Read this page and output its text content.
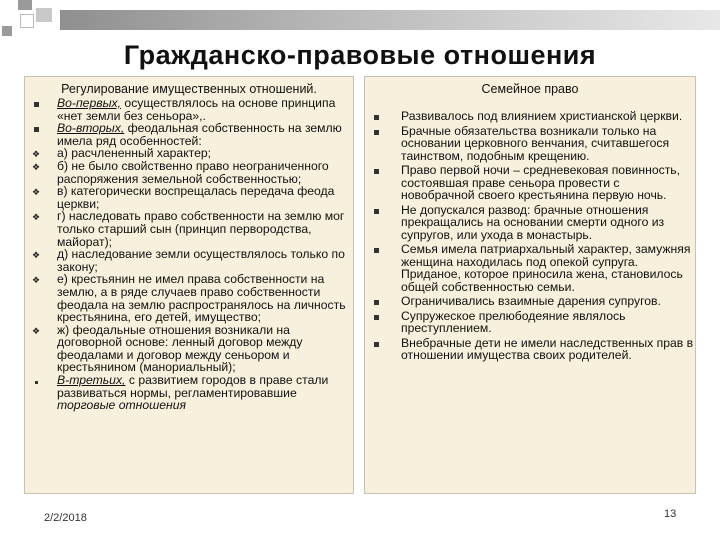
Гражданско-правовые отношения
Регулирование имущественных отношений.
Во-первых, осуществлялось на основе принципа «нет земли без сеньора»,.
Во-вторых, феодальная собственность на землю имела ряд особенностей:
❖ а) расчлененный характер;
❖ б) не было свойственно право неограниченного распоряжения земельной собственностью;
❖ в) категорически воспрещалась передача феода церкви;
❖ г) наследовать право собственности на землю мог только старший сын (принцип первородства, майорат);
❖ д) наследование земли осуществлялось только по закону;
❖ е) крестьянин не имел права собственности на землю, а в ряде случаев право собственности феодала на землю распространялось на личность крестьянина, его детей, имущество;
❖ ж) феодальные отношения возникали на договорной основе: ленный договор между феодалами и договор между сеньором и крестьянином (манориальный);
В-третьих, с развитием городов в праве стали развиваться нормы, регламентировавшие торговые отношения
Семейное право
Развивалось под влиянием христианской церкви.
Брачные обязательства возникали только на основании церковного венчания, считавшегося таинством, подобным крещению.
Право первой ночи – средневековая повинность, состоявшая праве сеньора провести с новобрачной своего крестьянина первую ночь.
Не допускался развод: брачные отношения прекращались на основании смерти одного из супругов, или ухода в монастырь.
Семья имела патриархальный характер, замужняя женщина находилась под опекой супруга. Приданое, которое приносила жена, становилось общей собственностью семьи.
Ограничивались взаимные дарения супругов.
Супружеское прелюбодеяние являлось преступлением.
Внебрачные дети не имели наследственных прав в отношении имущества своих родителей.
2/2/2018	13
